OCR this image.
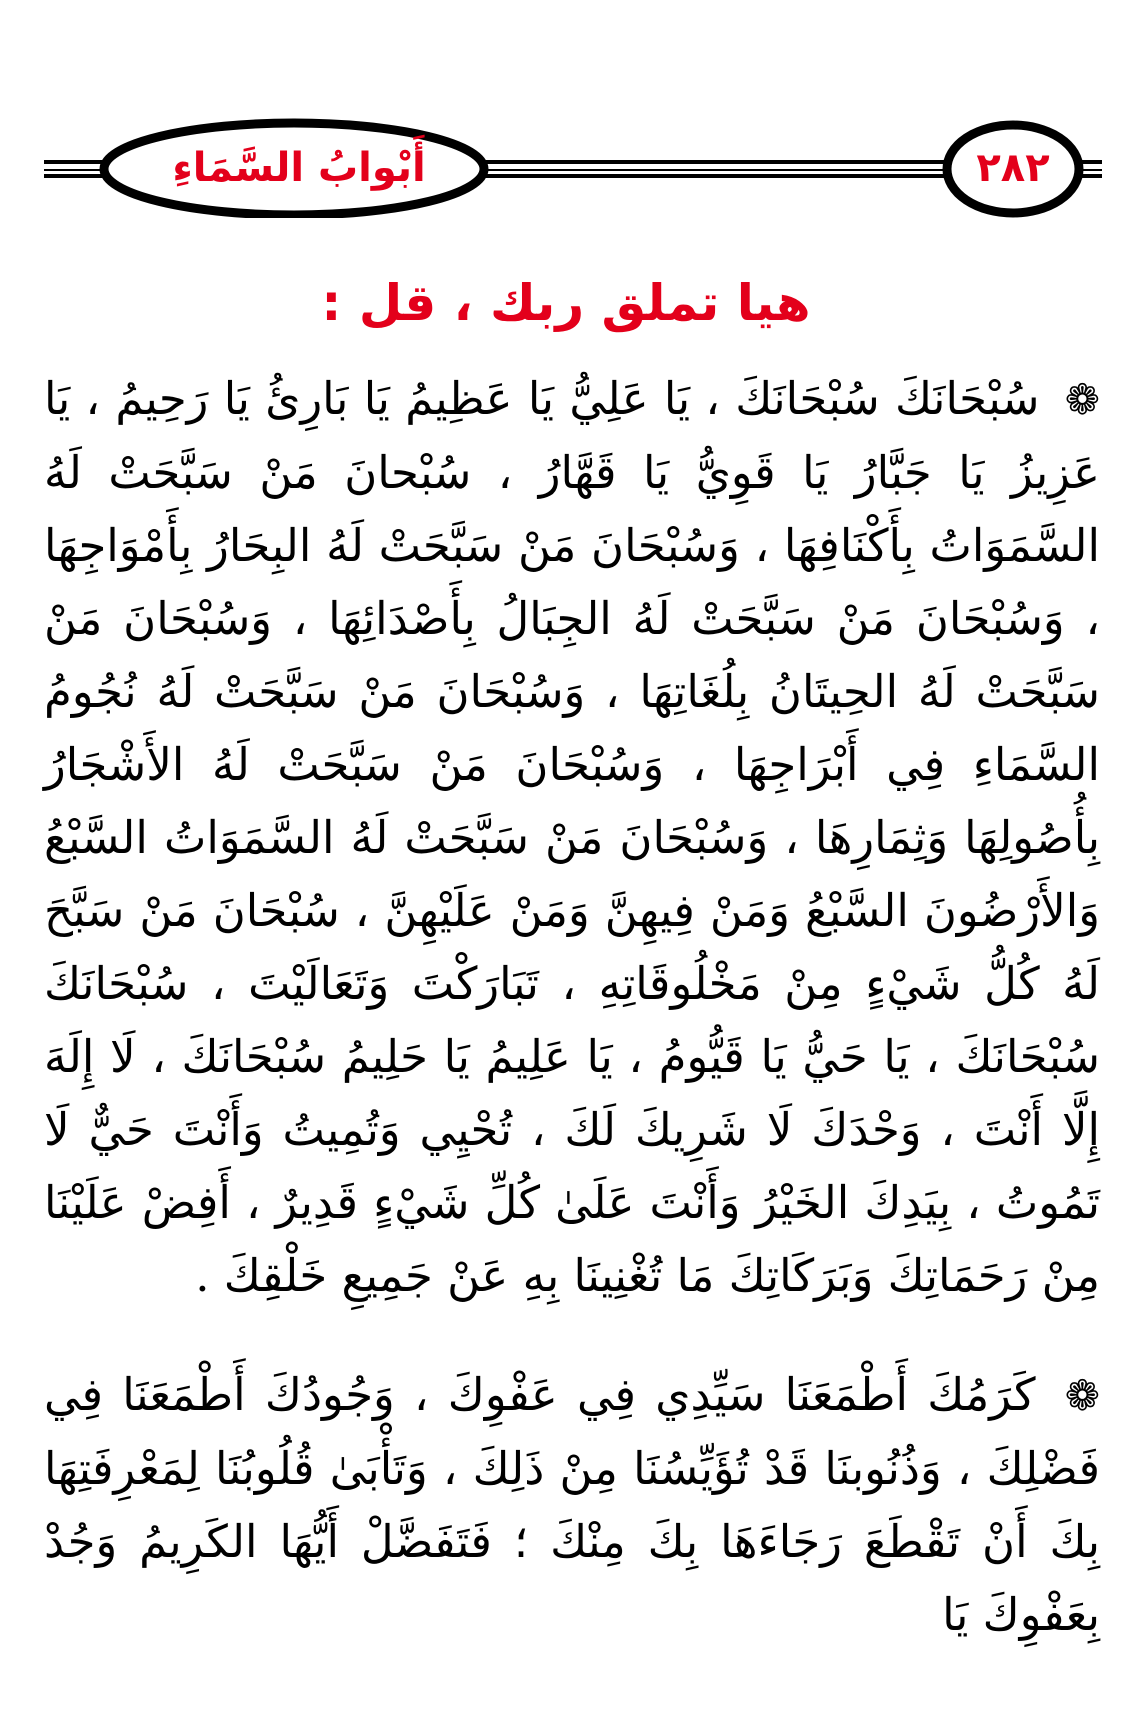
أَبْوابُ السَّمَاءِ	٢٨٢
هيا تملق ربك ، قل :

❁ سُبْحَانَكَ سُبْحَانَكَ ، يَا عَلِيُّ يَا عَظِيمُ يَا بَارِئُ يَا رَحِيمُ ، يَا عَزِيزُ يَا جَبَّارُ يَا قَوِيُّ يَا قَهَّارُ ، سُبْحانَ مَنْ سَبَّحَتْ لَهُ السَّمَوَاتُ بِأَكْنَافِهَا ، وَسُبْحَانَ مَنْ سَبَّحَتْ لَهُ البِحَارُ بِأَمْوَاجِهَا ، وَسُبْحَانَ مَنْ سَبَّحَتْ لَهُ الجِبَالُ بِأَصْدَائِهَا ، وَسُبْحَانَ مَنْ سَبَّحَتْ لَهُ الحِيتَانُ بِلُغَاتِهَا ، وَسُبْحَانَ مَنْ سَبَّحَتْ لَهُ نُجُومُ السَّمَاءِ فِي أَبْرَاجِهَا ، وَسُبْحَانَ مَنْ سَبَّحَتْ لَهُ الأَشْجَارُ بِأُصُولِهَا وَثِمَارِهَا ، وَسُبْحَانَ مَنْ سَبَّحَتْ لَهُ السَّمَوَاتُ السَّبْعُ وَالأَرْضُونَ السَّبْعُ وَمَنْ فِيهِنَّ وَمَنْ عَلَيْهِنَّ ، سُبْحَانَ مَنْ سَبَّحَ لَهُ كُلُّ شَيْءٍ مِنْ مَخْلُوقَاتِهِ ، تَبَارَكْتَ وَتَعَالَيْتَ ، سُبْحَانَكَ سُبْحَانَكَ ، يَا حَيُّ يَا قَيُّومُ ، يَا عَلِيمُ يَا حَلِيمُ سُبْحَانَكَ ، لَا إِلَهَ إِلَّا أَنْتَ ، وَحْدَكَ لَا شَرِيكَ لَكَ ، تُحْيِي وَتُمِيتُ وَأَنْتَ حَيٌّ لَا تَمُوتُ ، بِيَدِكَ الخَيْرُ وَأَنْتَ عَلَىٰ كُلِّ شَيْءٍ قَدِيرٌ ، أَفِضْ عَلَيْنَا مِنْ رَحَمَاتِكَ وَبَرَكَاتِكَ مَا تُغْنِينَا بِهِ عَنْ جَمِيعِ خَلْقِكَ .

❁ كَرَمُكَ أَطْمَعَنَا سَيِّدِي فِي عَفْوِكَ ، وَجُودُكَ أَطْمَعَنَا فِي فَضْلِكَ ، وَذُنُوبنَا قَدْ تُؤَيِّسُنَا مِنْ ذَلِكَ ، وَتَأْبَىٰ قُلُوبُنَا لِمَعْرِفَتِهَا بِكَ أَنْ تَقْطَعَ رَجَاءَهَا بِكَ مِنْكَ ؛ فَتَفَضَّلْ أَيُّهَا الكَرِيمُ وَجُدْ بِعَفْوِكَ يَا
